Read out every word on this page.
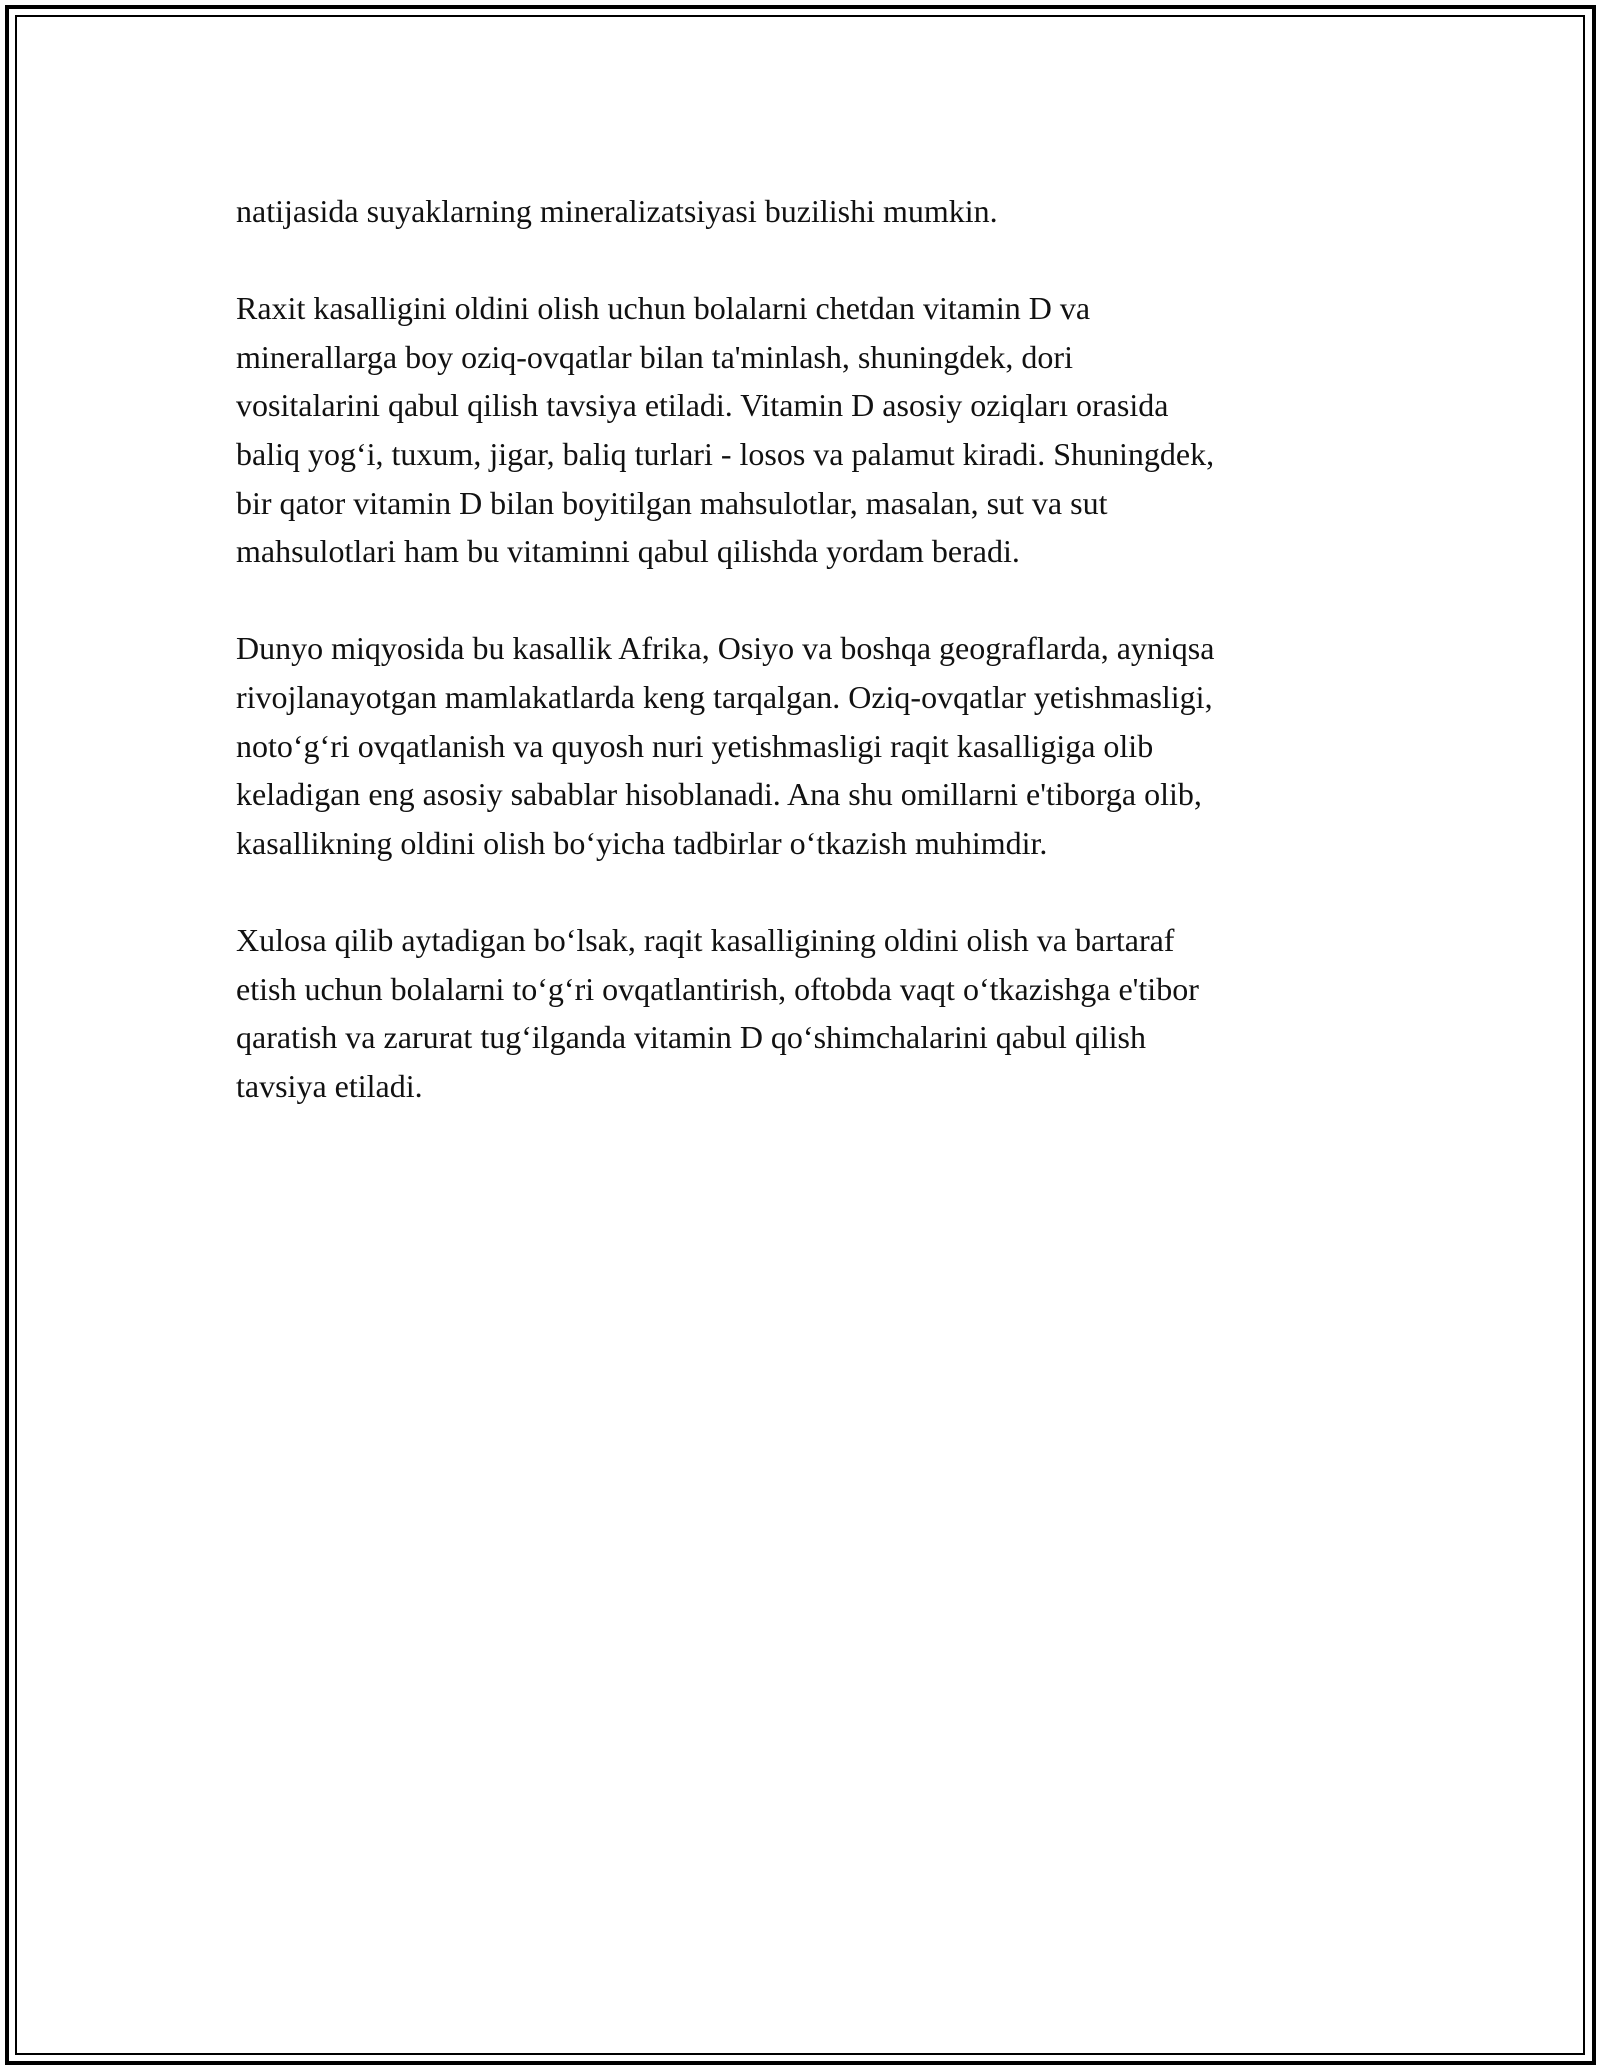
natijasida suyaklarning mineralizatsiyasi buzilishi mumkin.

Raxit kasalligini oldini olish uchun bolalarni chetdan vitamin D va
minerallarga boy oziq-ovqatlar bilan ta'minlash, shuningdek, dori
vositalarini qabul qilish tavsiya etiladi. Vitamin D asosiy oziqları orasida
baliq yog‘i, tuxum, jigar, baliq turlari - losos va palamut kiradi. Shuningdek,
bir qator vitamin D bilan boyitilgan mahsulotlar, masalan, sut va sut
mahsulotlari ham bu vitaminni qabul qilishda yordam beradi.

Dunyo miqyosida bu kasallik Afrika, Osiyo va boshqa geograflarda, ayniqsa
rivojlanayotgan mamlakatlarda keng tarqalgan. Oziq-ovqatlar yetishmasligi,
noto‘g‘ri ovqatlanish va quyosh nuri yetishmasligi raqit kasalligiga olib
keladigan eng asosiy sabablar hisoblanadi. Ana shu omillarni e'tiborga olib,
kasallikning oldini olish bo‘yicha tadbirlar o‘tkazish muhimdir.

Xulosa qilib aytadigan bo‘lsak, raqit kasalligining oldini olish va bartaraf
etish uchun bolalarni to‘g‘ri ovqatlantirish, oftobda vaqt o‘tkazishga e'tibor
qaratish va zarurat tug‘ilganda vitamin D qo‘shimchalarini qabul qilish
tavsiya etiladi.
